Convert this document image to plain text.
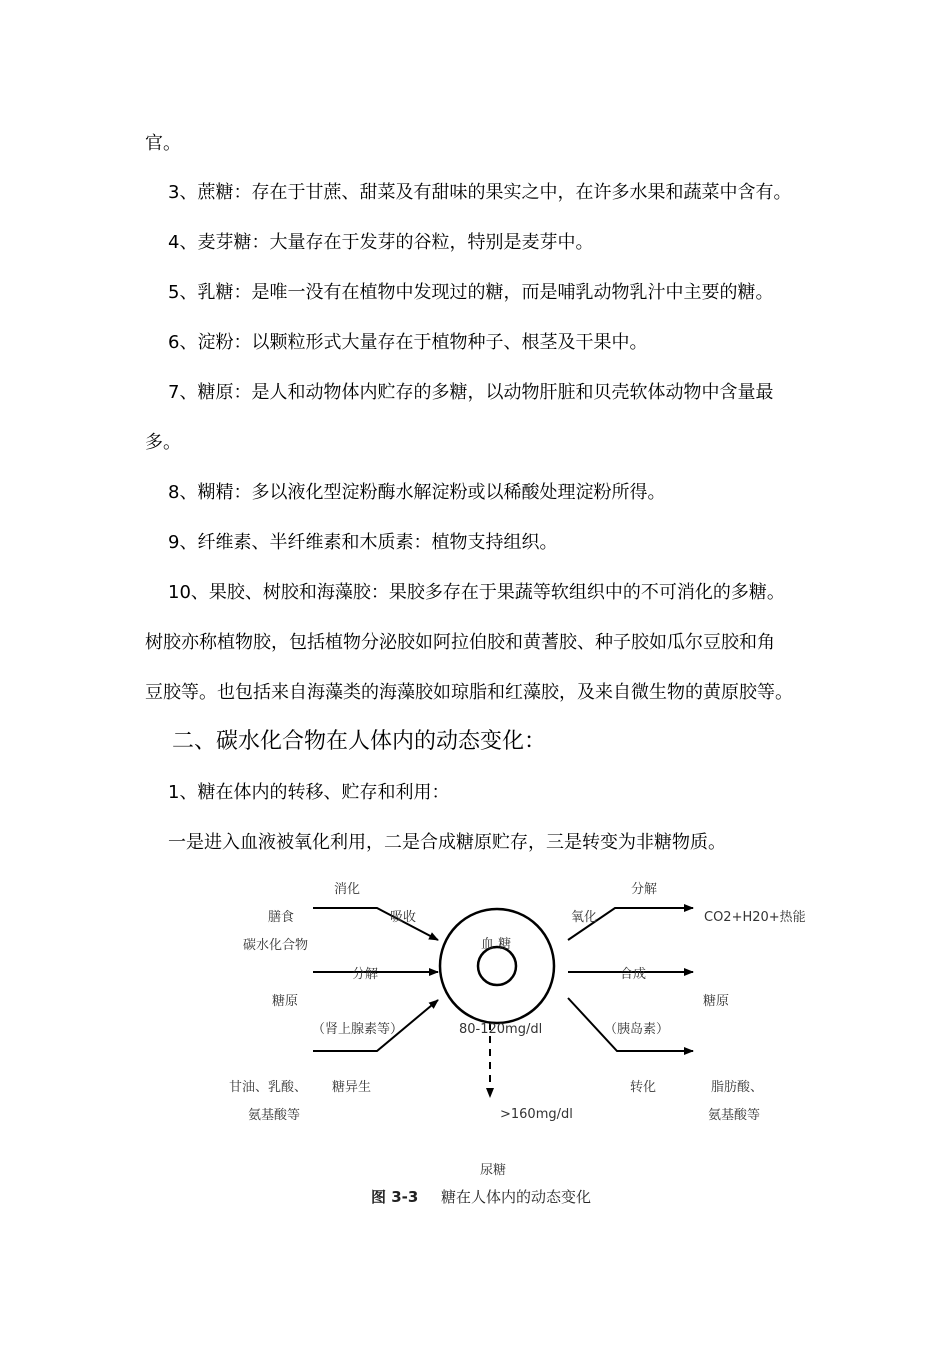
官。
3、蔗糖：存在于甘蔗、甜菜及有甜味的果实之中，在许多水果和蔬菜中含有。
4、麦芽糖：大量存在于发芽的谷粒，特别是麦芽中。
5、乳糖：是唯一没有在植物中发现过的糖，而是哺乳动物乳汁中主要的糖。
6、淀粉：以颗粒形式大量存在于植物种子、根茎及干果中。
7、糖原：是人和动物体内贮存的多糖，以动物肝脏和贝壳软体动物中含量最
多。
8、糊精：多以液化型淀粉酶水解淀粉或以稀酸处理淀粉所得。
9、纤维素、半纤维素和木质素：植物支持组织。
10、果胶、树胶和海藻胶：果胶多存在于果蔬等软组织中的不可消化的多糖。
树胶亦称植物胶，包括植物分泌胶如阿拉伯胶和黄蓍胶、种子胶如瓜尔豆胶和角
豆胶等。也包括来自海藻类的海藻胶如琼脂和红藻胶，及来自微生物的黄原胶等。
二、碳水化合物在人体内的动态变化：
1、糖在体内的转移、贮存和利用：
一是进入血液被氧化利用，二是合成糖原贮存，三是转变为非糖物质。
消化
膳食	吸收
碳水化合物
分解
糖原
（肾上腺素等）
甘油、乳酸、 糖异生
氨基酸等
血 糖
80-120mg/dl
>160mg/dl
尿糖
分解
氧化	CO2+H20+热能
合成
糖原
（胰岛素）
转化	脂肪酸、
氨基酸等
图 3-3 糖在人体内的动态变化
